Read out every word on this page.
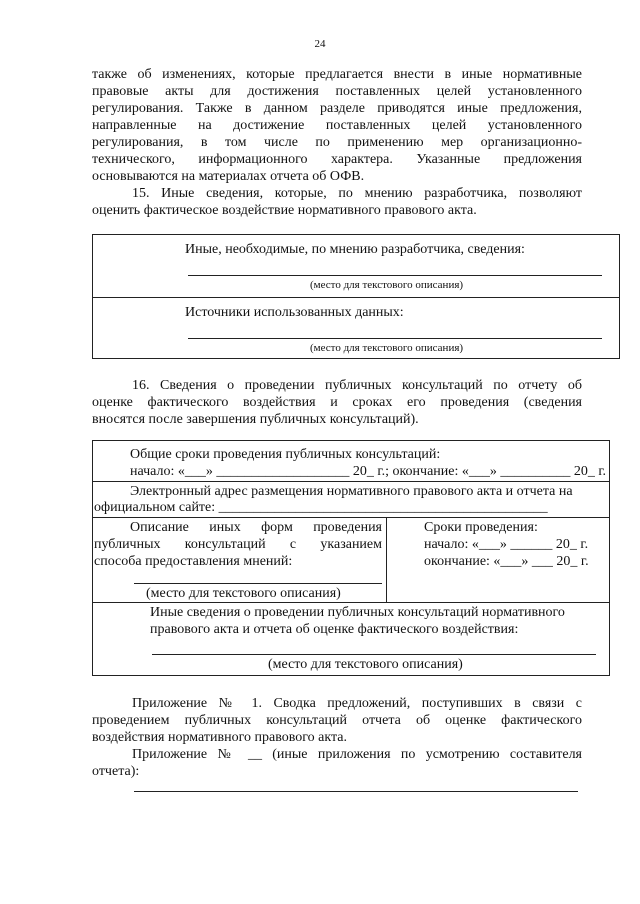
24
также об изменениях, которые предлагается внести в иные нормативные
правовые акты для достижения поставленных целей установленного
регулирования. Также в данном разделе приводятся иные предложения,
направленные на достижение поставленных целей установленного
регулирования, в том числе по применению мер организационно-
технического, информационного характера. Указанные предложения
основываются на материалах отчета об ОФВ.
15. Иные сведения, которые, по мнению разработчика, позволяют
оценить фактическое воздействие нормативного правового акта.
Иные, необходимые, по мнению разработчика, сведения:
(место для текстового описания)
Источники использованных данных:
(место для текстового описания)
16. Сведения о проведении публичных консультаций по отчету об
оценке фактического воздействия и сроках его проведения (сведения
вносятся после завершения публичных консультаций).
Общие сроки проведения публичных консультаций:
начало: «___» ___________________ 20_ г.; окончание: «___» __________ 20_ г.
Электронный адрес размещения нормативного правового акта и отчета на
официальном сайте: _______________________________________________
Описание иных форм проведения
публичных консультаций с указанием
способа предоставления мнений:
(место для текстового описания)
Сроки проведения:
начало: «___» ______ 20_ г.
окончание: «___» ___ 20_ г.
Иные сведения о проведении публичных консультаций нормативного
правового акта и отчета об оценке фактического воздействия:
(место для текстового описания)
Приложение № 1. Сводка предложений, поступивших в связи с
проведением публичных консультаций отчета об оценке фактического
воздействия нормативного правового акта.
Приложение № __ (иные приложения по усмотрению составителя
отчета):
